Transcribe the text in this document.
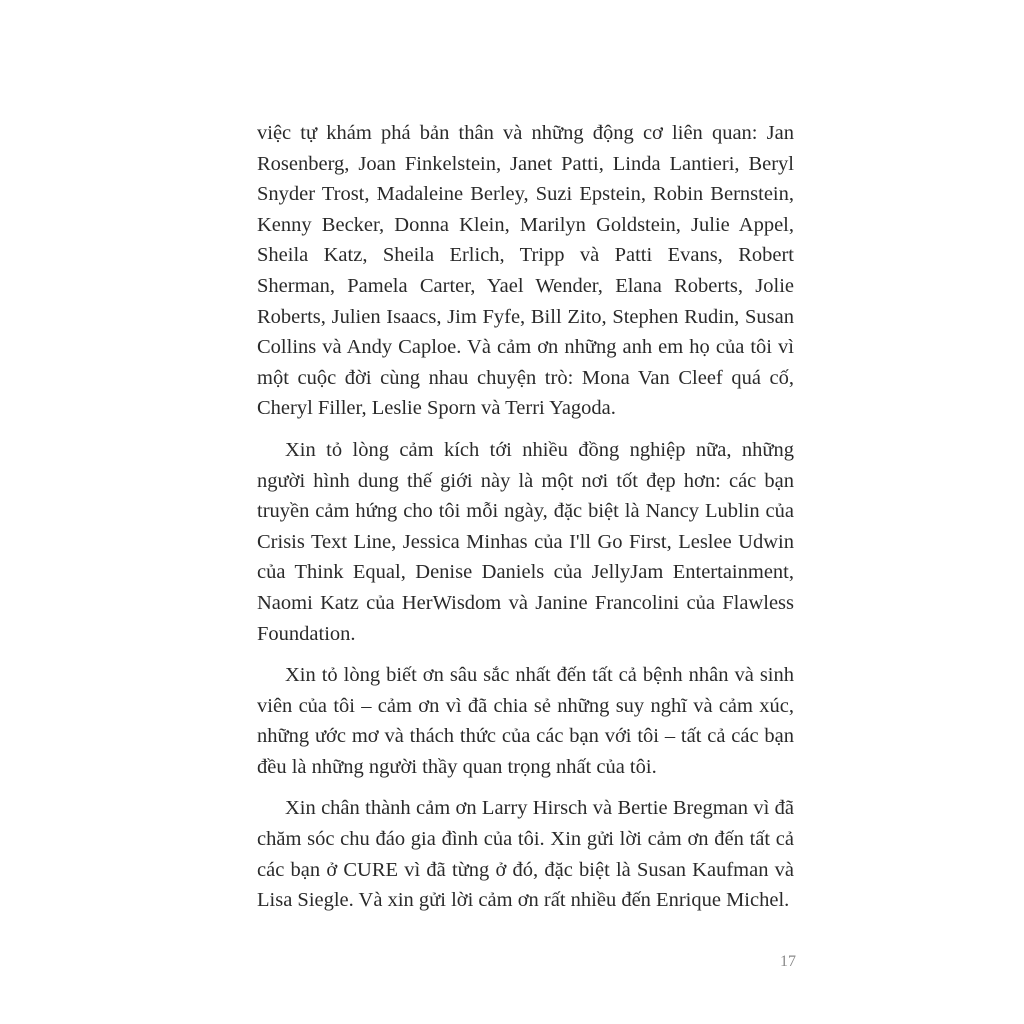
việc tự khám phá bản thân và những động cơ liên quan: Jan Rosenberg, Joan Finkelstein, Janet Patti, Linda Lantieri, Beryl Snyder Trost, Madaleine Berley, Suzi Epstein, Robin Bernstein, Kenny Becker, Donna Klein, Marilyn Goldstein, Julie Appel, Sheila Katz, Sheila Erlich, Tripp và Patti Evans, Robert Sherman, Pamela Carter, Yael Wender, Elana Roberts, Jolie Roberts, Julien Isaacs, Jim Fyfe, Bill Zito, Stephen Rudin, Susan Collins và Andy Caploe. Và cảm ơn những anh em họ của tôi vì một cuộc đời cùng nhau chuyện trò: Mona Van Cleef quá cố, Cheryl Filler, Leslie Sporn và Terri Yagoda.

Xin tỏ lòng cảm kích tới nhiều đồng nghiệp nữa, những người hình dung thế giới này là một nơi tốt đẹp hơn: các bạn truyền cảm hứng cho tôi mỗi ngày, đặc biệt là Nancy Lublin của Crisis Text Line, Jessica Minhas của I'll Go First, Leslee Udwin của Think Equal, Denise Daniels của JellyJam Entertainment, Naomi Katz của HerWisdom và Janine Francolini của Flawless Foundation.

Xin tỏ lòng biết ơn sâu sắc nhất đến tất cả bệnh nhân và sinh viên của tôi – cảm ơn vì đã chia sẻ những suy nghĩ và cảm xúc, những ước mơ và thách thức của các bạn với tôi – tất cả các bạn đều là những người thầy quan trọng nhất của tôi.

Xin chân thành cảm ơn Larry Hirsch và Bertie Bregman vì đã chăm sóc chu đáo gia đình của tôi. Xin gửi lời cảm ơn đến tất cả các bạn ở CURE vì đã từng ở đó, đặc biệt là Susan Kaufman và Lisa Siegle. Và xin gửi lời cảm ơn rất nhiều đến Enrique Michel.

17
